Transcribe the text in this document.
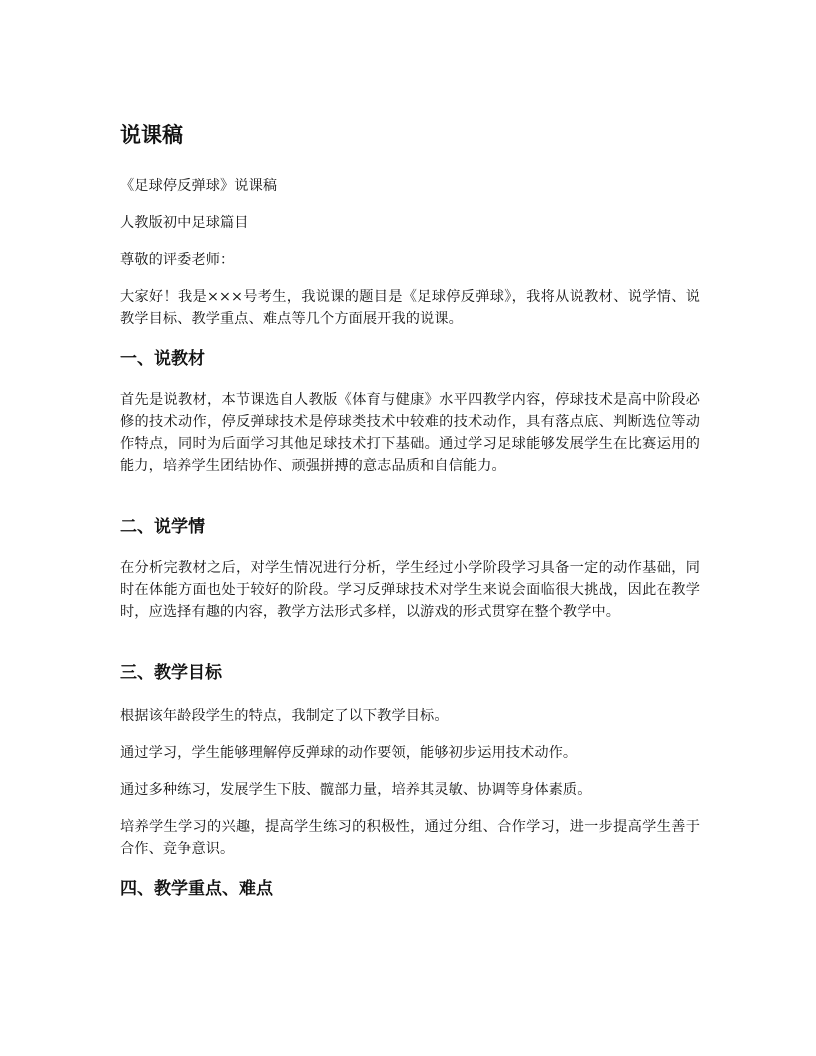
说课稿

《足球停反弹球》说课稿

人教版初中足球篇目

尊敬的评委老师：

大家好！我是×××号考生，我说课的题目是《足球停反弹球》，我将从说教材、说学情、说教学目标、教学重点、难点等几个方面展开我的说课。

一、说教材

首先是说教材，本节课选自人教版《体育与健康》水平四教学内容，停球技术是高中阶段必修的技术动作，停反弹球技术是停球类技术中较难的技术动作，具有落点底、判断选位等动作特点，同时为后面学习其他足球技术打下基础。通过学习足球能够发展学生在比赛运用的能力，培养学生团结协作、顽强拼搏的意志品质和自信能力。

二、说学情

在分析完教材之后，对学生情况进行分析，学生经过小学阶段学习具备一定的动作基础，同时在体能方面也处于较好的阶段。学习反弹球技术对学生来说会面临很大挑战，因此在教学时，应选择有趣的内容，教学方法形式多样，以游戏的形式贯穿在整个教学中。

三、教学目标

根据该年龄段学生的特点，我制定了以下教学目标。

通过学习，学生能够理解停反弹球的动作要领，能够初步运用技术动作。

通过多种练习，发展学生下肢、髋部力量，培养其灵敏、协调等身体素质。

培养学生学习的兴趣，提高学生练习的积极性，通过分组、合作学习，进一步提高学生善于合作、竞争意识。

四、教学重点、难点
